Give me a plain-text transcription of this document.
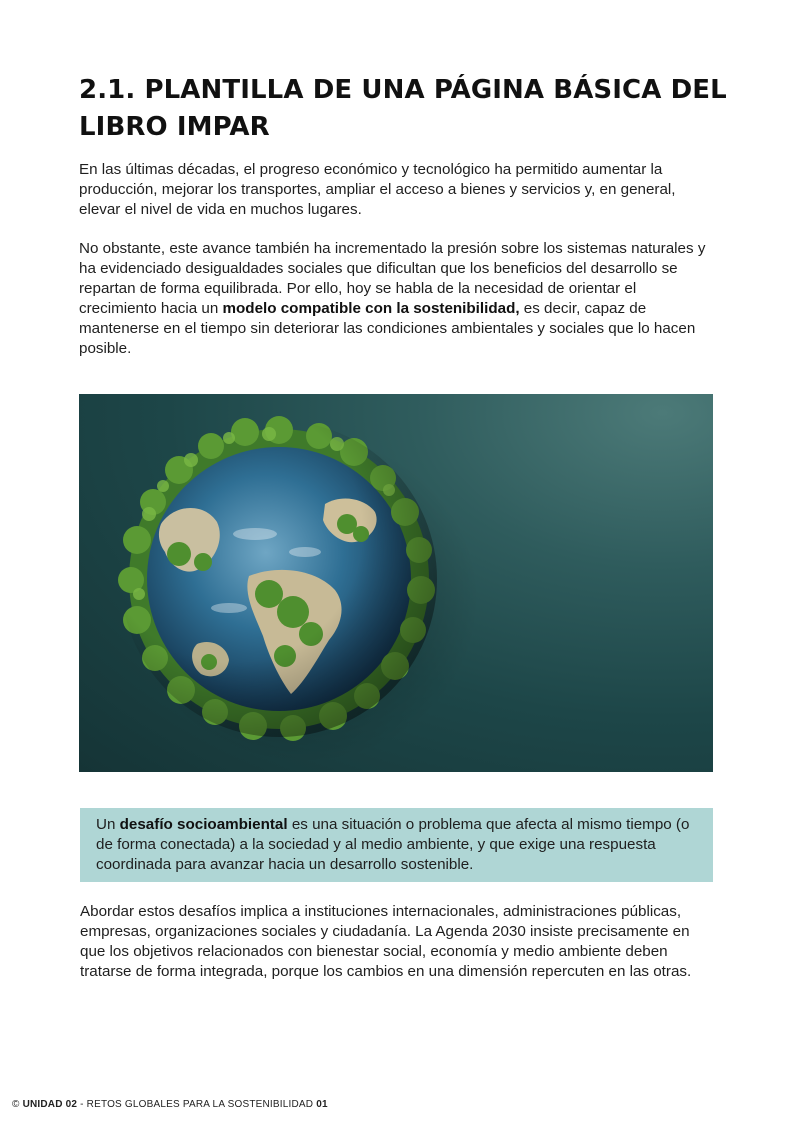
2.1. PLANTILLA DE UNA PÁGINA BÁSICA DEL LIBRO IMPAR

En las últimas décadas, el progreso económico y tecnológico ha permitido aumentar la producción, mejorar los transportes, ampliar el acceso a bienes y servicios y, en general, elevar el nivel de vida en muchos lugares.

No obstante, este avance también ha incrementado la presión sobre los sistemas naturales y ha evidenciado desigualdades sociales que dificultan que los beneficios del desarrollo se repartan de forma equilibrada. Por ello, hoy se habla de la necesidad de orientar el crecimiento hacia un modelo compatible con la sostenibilidad, es decir, capaz de mantenerse en el tiempo sin deteriorar las condiciones ambientales y sociales que lo hacen posible.

Un desafío socioambiental es una situación o problema que afecta al mismo tiempo (o de forma conectada) a la sociedad y al medio ambiente, y que exige una respuesta coordinada para avanzar hacia un desarrollo sostenible.

Abordar estos desafíos implica a instituciones internacionales, administraciones públicas, empresas, organizaciones sociales y ciudadanía. La Agenda 2030 insiste precisamente en que los objetivos relacionados con bienestar social, economía y medio ambiente deben tratarse de forma integrada, porque los cambios en una dimensión repercuten en las otras.

© UNIDAD 02 - RETOS GLOBALES PARA LA SOSTENIBILIDAD 01
